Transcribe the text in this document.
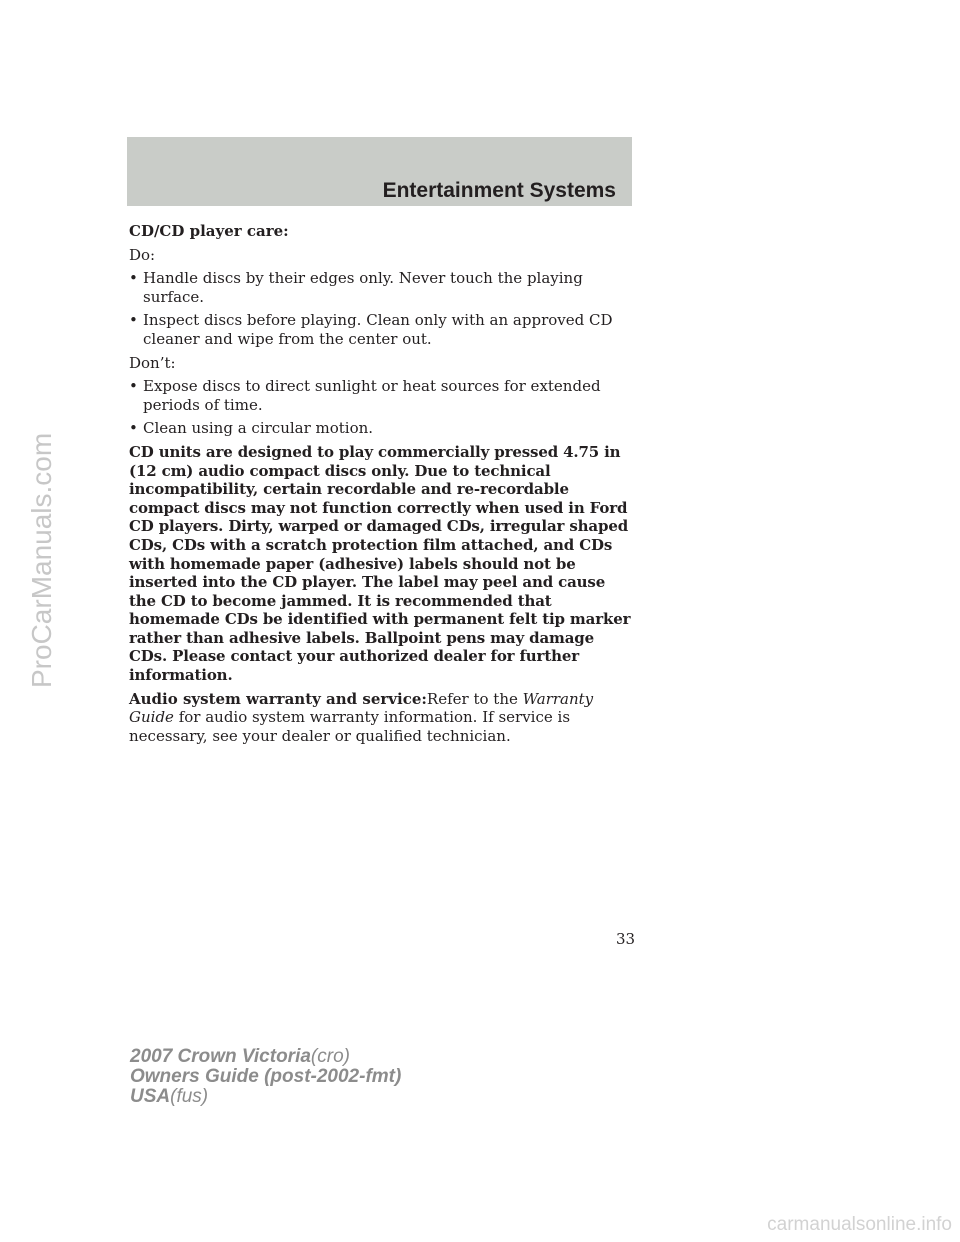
Entertainment Systems

CD/CD player care:

Do:

• Handle discs by their edges only. Never touch the playing surface.
• Inspect discs before playing. Clean only with an approved CD cleaner and wipe from the center out.

Don’t:

• Expose discs to direct sunlight or heat sources for extended periods of time.
• Clean using a circular motion.

CD units are designed to play commercially pressed 4.75 in (12 cm) audio compact discs only. Due to technical incompatibility, certain recordable and re-recordable compact discs may not function correctly when used in Ford CD players. Dirty, warped or damaged CDs, irregular shaped CDs, CDs with a scratch protection film attached, and CDs with homemade paper (adhesive) labels should not be inserted into the CD player. The label may peel and cause the CD to become jammed. It is recommended that homemade CDs be identified with permanent felt tip marker rather than adhesive labels. Ballpoint pens may damage CDs. Please contact your authorized dealer for further information.

Audio system warranty and service:Refer to the Warranty Guide for audio system warranty information. If service is necessary, see your dealer or qualified technician.

33
2007 Crown Victoria(cro)
Owners Guide (post-2002-fmt)
USA(fus)
ProCarManuals.com
carmanualsonline.info
